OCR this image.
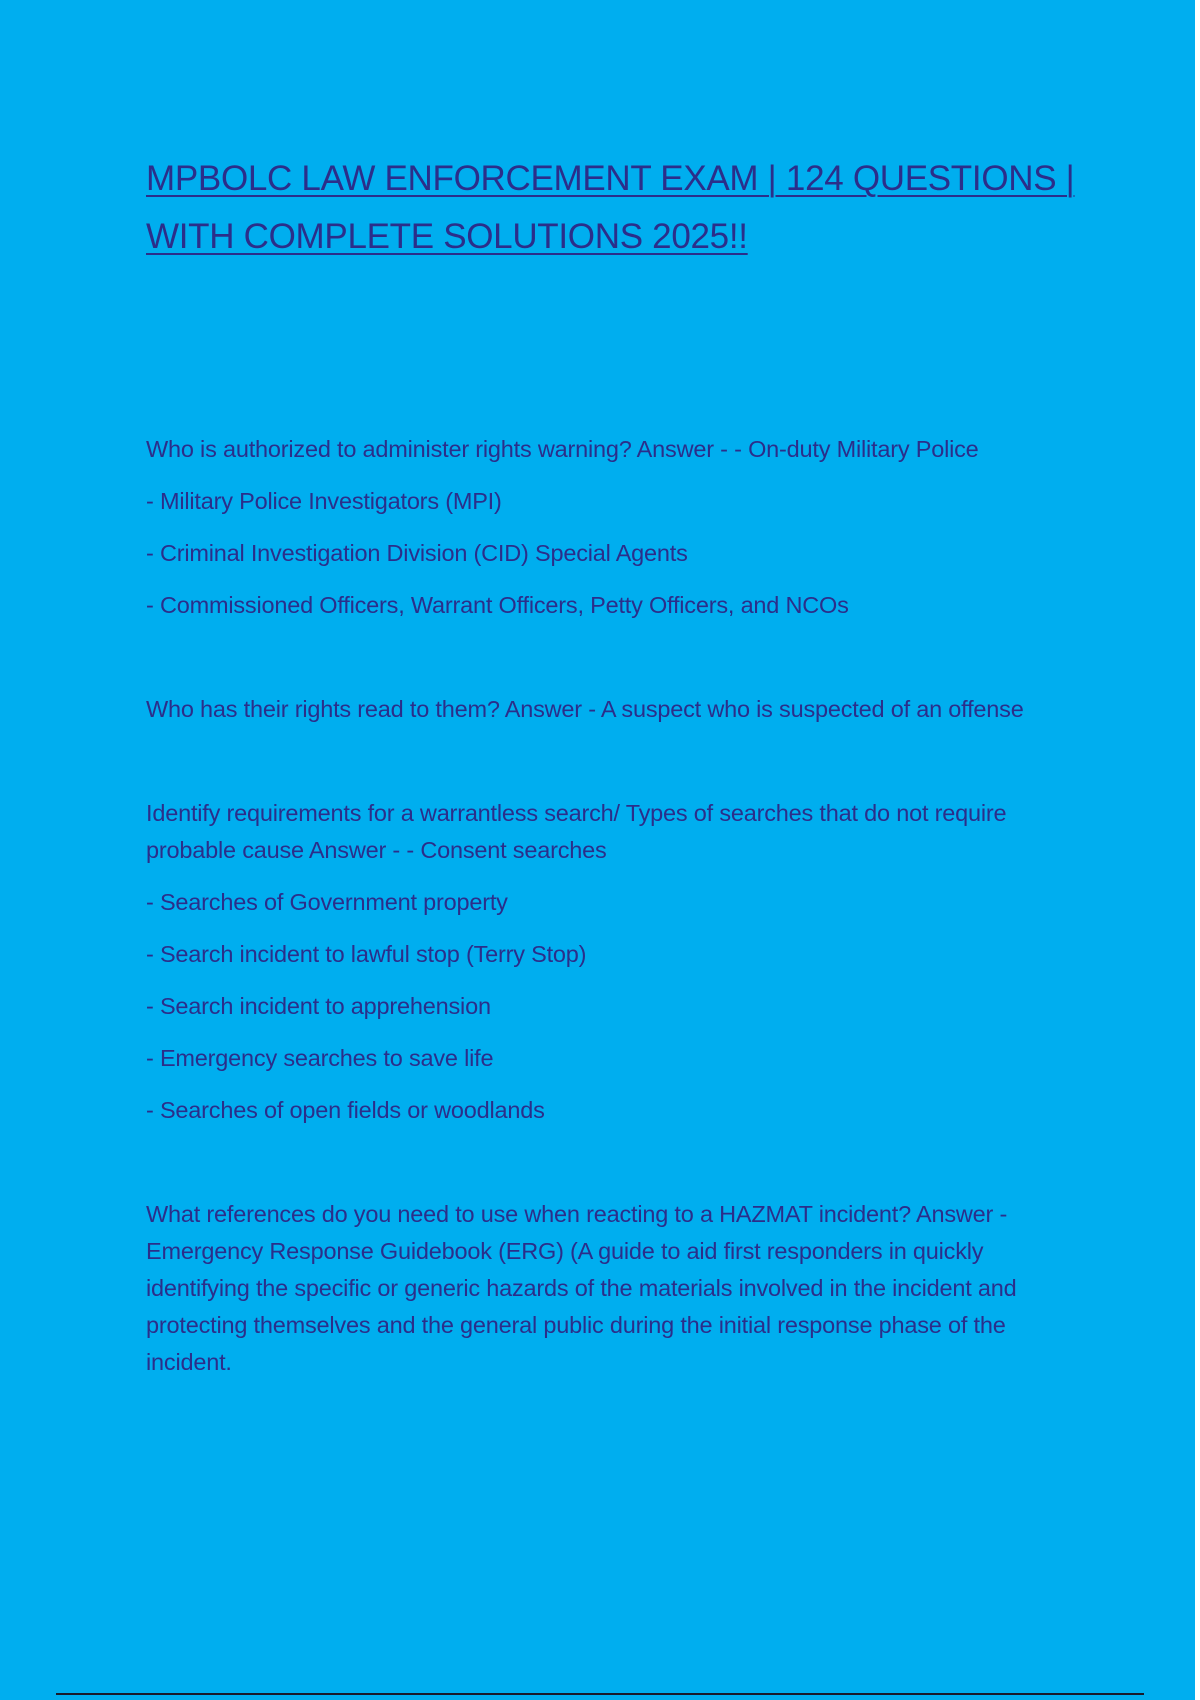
MPBOLC LAW ENFORCEMENT EXAM | 124 QUESTIONS | WITH COMPLETE SOLUTIONS 2025!!

Who is authorized to administer rights warning? Answer - - On-duty Military Police

- Military Police Investigators (MPI)

- Criminal Investigation Division (CID) Special Agents

- Commissioned Officers, Warrant Officers, Petty Officers, and NCOs

Who has their rights read to them? Answer - A suspect who is suspected of an offense

Identify requirements for a warrantless search/ Types of searches that do not require probable cause Answer - - Consent searches

- Searches of Government property

- Search incident to lawful stop (Terry Stop)

- Search incident to apprehension

- Emergency searches to save life

- Searches of open fields or woodlands

What references do you need to use when reacting to a HAZMAT incident? Answer - Emergency Response Guidebook (ERG) (A guide to aid first responders in quickly identifying the specific or generic hazards of the materials involved in the incident and protecting themselves and the general public during the initial response phase of the incident.
